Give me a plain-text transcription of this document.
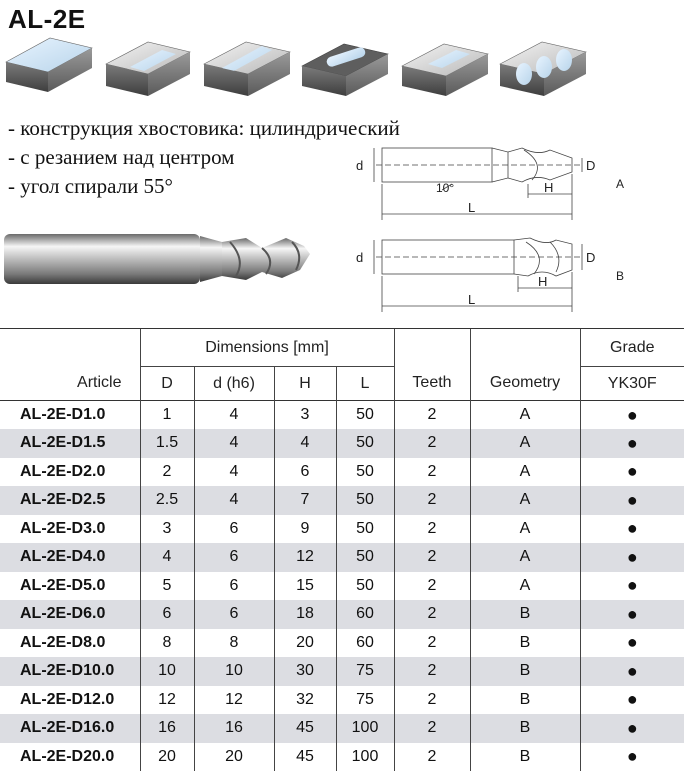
AL-2E
- конструкция хвостовика: цилиндрический
- с резанием над центром
- угол спирали 55°
d	D
H
L
10°	A
d	D
H
L
B
Article	Dimensions [mm]				Teeth	Geometry	Grade
	D	d (h6)	H	L			YK30F
AL-2E-D1.0	1	4	3	50	2	A	●
AL-2E-D1.5	1.5	4	4	50	2	A	●
AL-2E-D2.0	2	4	6	50	2	A	●
AL-2E-D2.5	2.5	4	7	50	2	A	●
AL-2E-D3.0	3	6	9	50	2	A	●
AL-2E-D4.0	4	6	12	50	2	A	●
AL-2E-D5.0	5	6	15	50	2	A	●
AL-2E-D6.0	6	6	18	60	2	B	●
AL-2E-D8.0	8	8	20	60	2	B	●
AL-2E-D10.0	10	10	30	75	2	B	●
AL-2E-D12.0	12	12	32	75	2	B	●
AL-2E-D16.0	16	16	45	100	2	B	●
AL-2E-D20.0	20	20	45	100	2	B	●
